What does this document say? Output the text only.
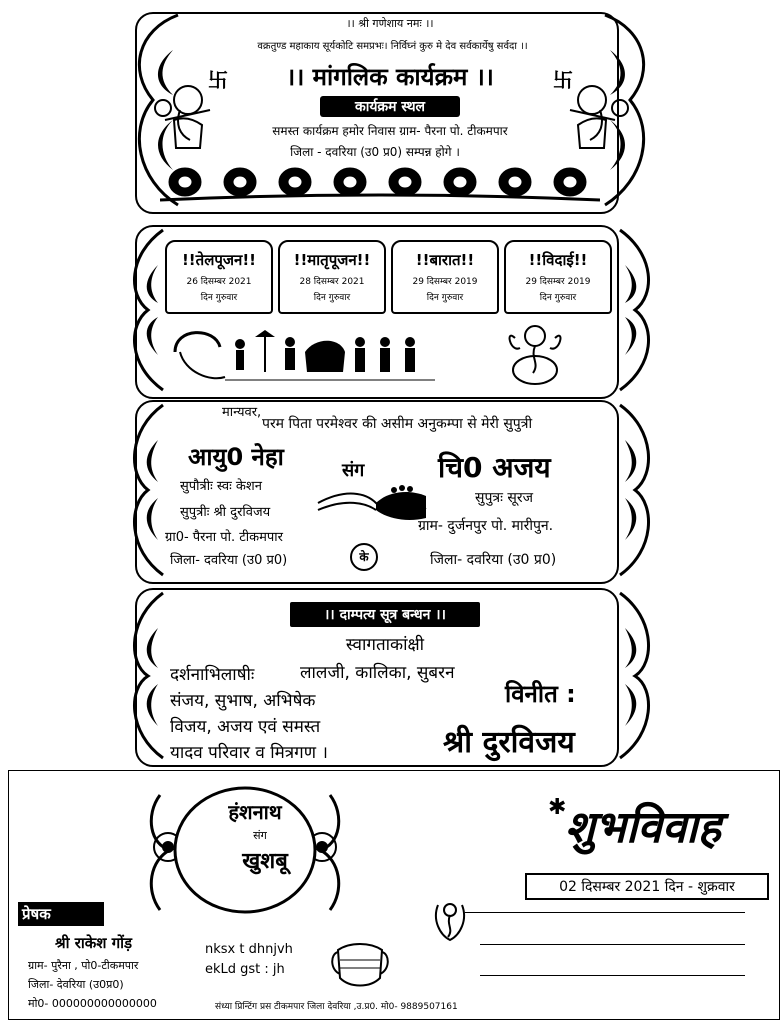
।। श्री गणेशाय नमः ।।
वक्रतुण्ड महाकाय सूर्यकोटि समप्रभः। निर्विघ्नं कुरु मे देव सर्वकार्येषु सर्वदा ।।
卐	卐
।। मांगलिक कार्यक्रम ।।
कार्यक्रम स्थल
समस्त कार्यक्रम हमोर निवास ग्राम- पैरना पो. टीकमपार
जिला - दवरिया (उ0 प्र0) सम्पन्न होगे ।
!!तेलपूजन!!
26 दिसम्बर 2021
दिन गुरुवार
!!मातृपूजन!!
28 दिसम्बर 2021
दिन गुरुवार
!!बारात!!
29 दिसम्बर 2019
दिन गुरुवार
!!विदाई!!
29 दिसम्बर 2019
दिन गुरुवार
मान्यवर,
परम पिता परमेश्वर की असीम अनुकम्पा से मेरी सुपुत्री
आयु0 नेहा
सुपौत्रीः स्वः केशन
सुपुत्रीः श्री दुरविजय
ग्रा0- पैरना पो. टीकमपार
जिला- दवरिया (उ0 प्र0)
संग
के
चि0 अजय
सुपुत्रः सूरज
ग्राम- दुर्जनपुर पो. मारीपुन.
जिला- दवरिया (उ0 प्र0)
।। दाम्पत्य सूत्र बन्धन ।।
स्वागताकांक्षी
लालजी, कालिका, सुबरन
दर्शनाभिलाषीः
संजय, सुभाष, अभिषेक
विजय, अजय एवं समस्त
यादव परिवार व मित्रगण ।
विनीत :
श्री दुरविजय
हंशनाथ
संग
खुशबू
✱
शुभविवाह
02 दिसम्बर 2021 दिन - शुक्रवार
प्रेषक
श्री राकेश गोंड़
ग्राम- पुरैना , पो0-टीकमपार
जिला- देवरिया (उ0प्र0)
मो0- 000000000000000
nksx t dhnjvh
ekLd gst : jh
संध्या प्रिन्टिंग प्रस टीकमपार जिला देवरिया ,उ.प्र0. मो0- 9889507161
